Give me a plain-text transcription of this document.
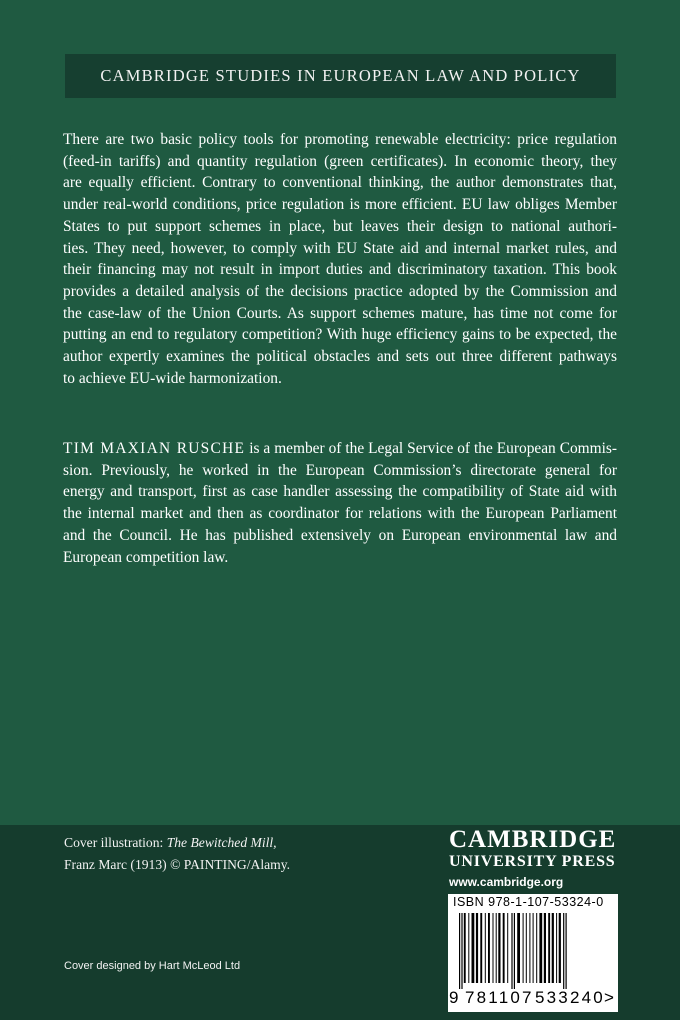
CAMBRIDGE STUDIES IN EUROPEAN LAW AND POLICY
There are two basic policy tools for promoting renewable electricity: price regulation
(feed-in tariffs) and quantity regulation (green certificates). In economic theory, they
are equally efficient. Contrary to conventional thinking, the author demonstrates that,
under real-world conditions, price regulation is more efficient. EU law obliges Member
States to put support schemes in place, but leaves their design to national authori-
ties. They need, however, to comply with EU State aid and internal market rules, and
their financing may not result in import duties and discriminatory taxation. This book
provides a detailed analysis of the decisions practice adopted by the Commission and
the case-law of the Union Courts. As support schemes mature, has time not come for
putting an end to regulatory competition? With huge efficiency gains to be expected, the
author expertly examines the political obstacles and sets out three different pathways
to achieve EU-wide harmonization.
TIM MAXIAN RUSCHE is a member of the Legal Service of the European Commis-
sion. Previously, he worked in the European Commission’s directorate general for
energy and transport, first as case handler assessing the compatibility of State aid with
the internal market and then as coordinator for relations with the European Parliament
and the Council. He has published extensively on European environmental law and
European competition law.
Cover illustration: The Bewitched Mill,
Franz Marc (1913) © PAINTING/Alamy.
Cover designed by Hart McLeod Ltd
CAMBRIDGE
UNIVERSITY PRESS
www.cambridge.org
ISBN 978-1-107-53324-0
9 781107 533240 >
